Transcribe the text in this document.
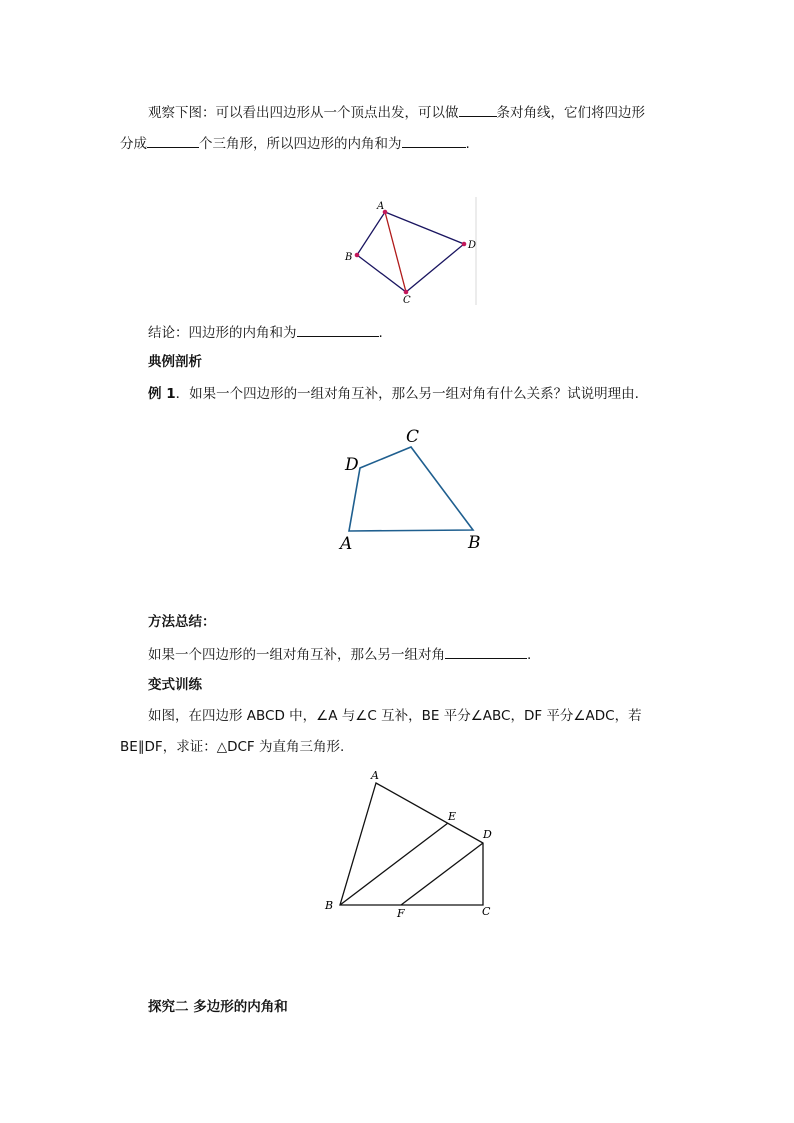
观察下图：可以看出四边形从一个顶点出发，可以做	条对角线，它们将四边形
分成	个三角形，所以四边形的内角和为	.
A
B
C
D
结论：四边形的内角和为	.
典例剖析
例 1．如果一个四边形的一组对角互补，那么另一组对角有什么关系？试说明理由.
A	B
C
D
方法总结：
如果一个四边形的一组对角互补，那么另一组对角	.
变式训练
如图，在四边形 ABCD 中，∠A 与∠C 互补，BE 平分∠ABC，DF 平分∠ADC，若
BE∥DF，求证：△DCF 为直角三角形.
A
B	C
D
E
F
探究二 多边形的内角和
